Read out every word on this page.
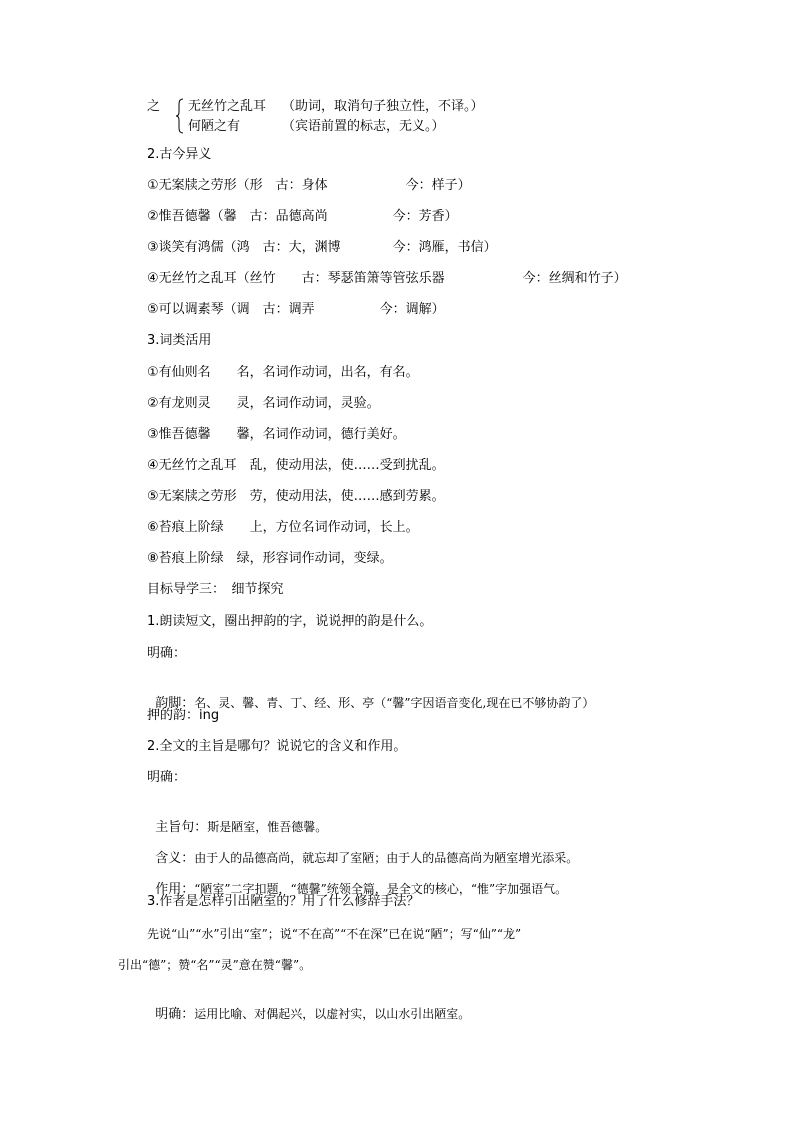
之 无丝竹之乱耳 （助词，取消句子独立性，不译。）
何陋之有	（宾语前置的标志，无义。）
2.古今异义
①无案牍之劳形（形　古：身体　　　　　　今：样子）
②惟吾德馨（馨　古：品德高尚　　　　　今：芳香）
③谈笑有鸿儒（鸿　古：大，渊博　　　　今：鸿雁，书信）
④无丝竹之乱耳（丝竹　　古：琴瑟笛箫等管弦乐器　　　　　　今：丝绸和竹子）
⑤可以调素琴（调　古：调弄　　　　　今：调解）
3.词类活用
①有仙则名　　名，名词作动词，出名，有名。
②有龙则灵　　灵，名词作动词，灵验。
③惟吾德馨　　馨，名词作动词，德行美好。
④无丝竹之乱耳　乱，使动用法，使……受到扰乱。
⑤无案牍之劳形　劳，使动用法，使……感到劳累。
⑥苔痕上阶绿　　上，方位名词作动词，长上。
⑧苔痕上阶绿　绿，形容词作动词，变绿。
目标导学三：　细节探究
1.朗读短文，圈出押韵的字，说说押的韵是什么。
明确：

韵脚：名、灵、馨、青、丁、经、形、亭（“馨”字因语音变化,现在已不够协韵了）

押的韵：ing
2.全文的主旨是哪句？说说它的含义和作用。
明确：

主旨句：斯是陋室，惟吾德馨。

含义：由于人的品德高尚，就忘却了室陋；由于人的品德高尚为陋室增光添采。

作用：“陋室”二字扣题，“德馨”统领全篇，是全文的核心，“惟”字加强语气。

3.作者是怎样引出陋室的？用了什么修辞手法？
先说“山”“水”引出“室”；说“不在高”“不在深”已在说“陋”；写“仙”“龙”
引出“德”；赞“名”“灵”意在赞“馨”。

明确：运用比喻、对偶起兴，以虚衬实，以山水引出陋室。
